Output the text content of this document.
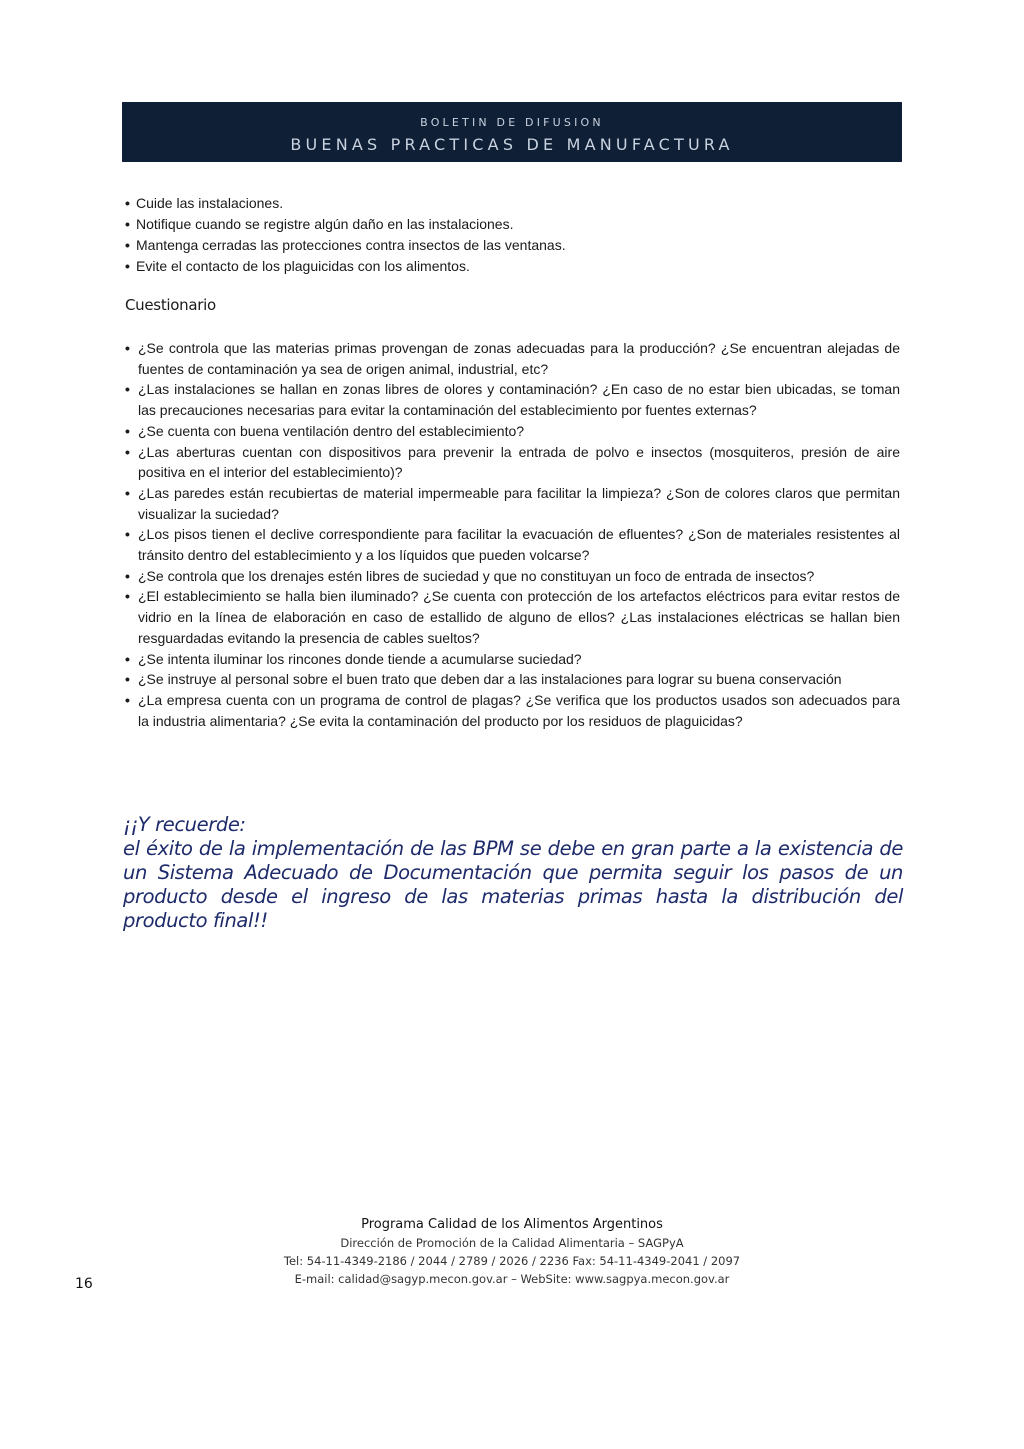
BOLETIN DE DIFUSION
BUENAS PRACTICAS DE MANUFACTURA
• Cuide las instalaciones.
• Notifique cuando se registre algún daño en las instalaciones.
• Mantenga cerradas las protecciones contra insectos de las ventanas.
• Evite el contacto de los plaguicidas con los alimentos.
Cuestionario
• ¿Se controla que las materias primas provengan de zonas adecuadas para la producción? ¿Se encuentran alejadas de fuentes de contaminación ya sea de origen animal, industrial, etc?
• ¿Las instalaciones se hallan en zonas libres de olores y contaminación? ¿En caso de no estar bien ubicadas, se toman las precauciones necesarias para evitar la contaminación del establecimiento por fuentes externas?
• ¿Se cuenta con buena ventilación dentro del establecimiento?
• ¿Las aberturas cuentan con dispositivos para prevenir la entrada de polvo e insectos (mosquiteros, presión de aire positiva en el interior del establecimiento)?
• ¿Las paredes están recubiertas de material impermeable para facilitar la limpieza? ¿Son de colores claros que permitan visualizar la suciedad?
• ¿Los pisos tienen el declive correspondiente para facilitar la evacuación de efluentes? ¿Son de materiales resistentes al tránsito dentro del establecimiento y a los líquidos que pueden volcarse?
• ¿Se controla que los drenajes estén libres de suciedad y que no constituyan un foco de entrada de insectos?
• ¿El establecimiento se halla bien iluminado? ¿Se cuenta con protección de los artefactos eléctricos para evitar restos de vidrio en la línea de elaboración en caso de estallido de alguno de ellos? ¿Las instalaciones eléctricas se hallan bien resguardadas evitando la presencia de cables sueltos?
• ¿Se intenta iluminar los rincones donde tiende a acumularse suciedad?
• ¿Se instruye al personal sobre el buen trato que deben dar a las instalaciones para lograr su buena conservación
• ¿La empresa cuenta con un programa de control de plagas? ¿Se verifica que los productos usados son adecuados para la industria alimentaria? ¿Se evita la contaminación del producto por los residuos de plaguicidas?

¡¡Y recuerde:

el éxito de la implementación de las BPM se debe en gran parte a la existencia de un Sistema Adecuado de Documentación que permita seguir los pasos de un producto desde el ingreso de las materias primas hasta la distribución del producto final!!

Programa Calidad de los Alimentos Argentinos
Dirección de Promoción de la Calidad Alimentaria – SAGPyA
Tel: 54-11-4349-2186 / 2044 / 2789 / 2026 / 2236 Fax: 54-11-4349-2041 / 2097
E-mail: calidad@sagyp.mecon.gov.ar – WebSite: www.sagpya.mecon.gov.ar
16
